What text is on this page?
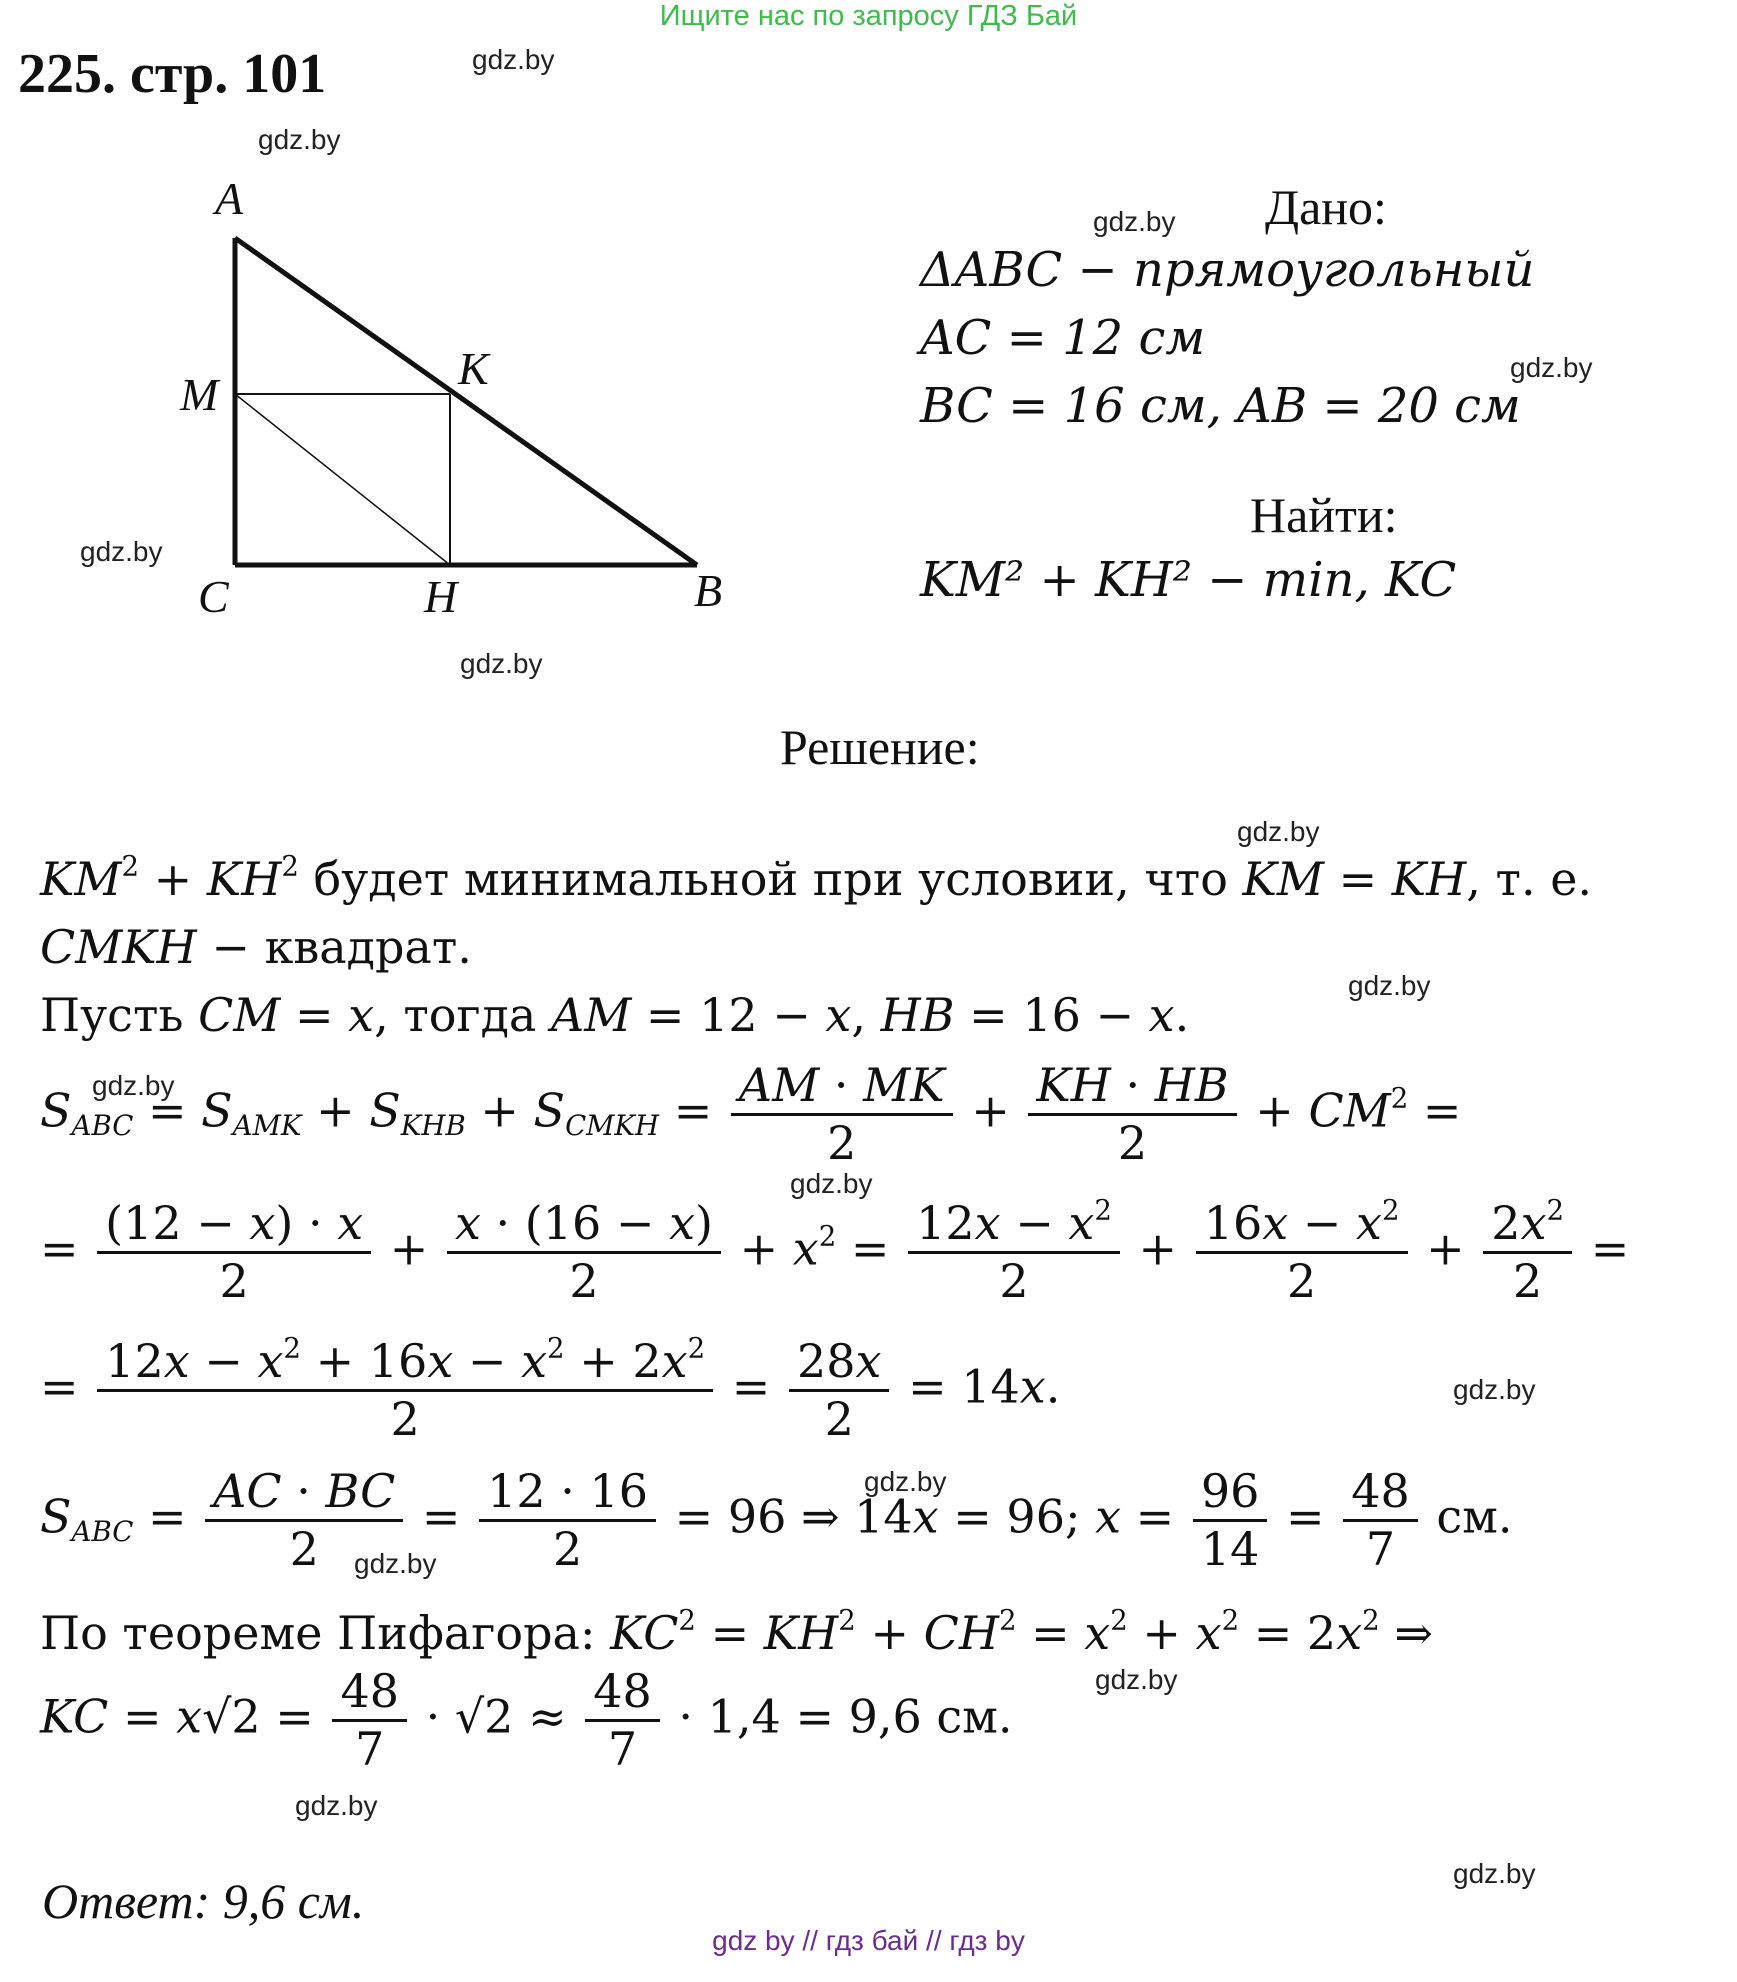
Ищите нас по запросу ГДЗ Бай
225. стр. 101	gdz.by
gdz.by
gdz.by
gdz.by
gdz.by
gdz.by
gdz.by
gdz.by
gdz.by
gdz.by
gdz.by
gdz.by
gdz.by
gdz.by
gdz.by
gdz.by
A
M
K
C	H	B
Дано:
ΔABC − прямоугольный
AC = 12 см
BC = 16 см, AB = 20 см
Найти:
KM² + KH² − min, KC
Решение:
$KM^2 + KH^2$ будет минимальной при условии, что KM = KH, т. е.
CMKH − квадрат.
Пусть CM = x, тогда AM = 12 − x, HB = 16 − x.
$S_{ABC} = S_{AMK} + S_{KHB} + S_{CMKH} = \frac{AM \cdot MK}{2} + \frac{KH \cdot HB}{2} + CM^2$ =
= $\frac{(12 - x) \cdot x}{2} + \frac{x \cdot (16 - x)}{2} + x^2 = \frac{12x - x^2}{2} + \frac{16x - x^2}{2} + \frac{2x^2}{2}$ =
= $\frac{12x - x^2 + 16x - x^2 + 2x^2}{2} = \frac{28x}{2} = 14x$.
$S_{ABC} = \frac{AC \cdot BC}{2} = \frac{12 \cdot 16}{2} = 96$ ⇒ 14x = 96; $x = \frac{96}{14} = \frac{48}{7}$ см.
По теореме Пифагора: $KC^2 = KH^2 + CH^2 = x^2 + x^2 = 2x^2$ ⇒
KC = $x√2 = \frac{48}{7} \cdot √2 \approx \frac{48}{7} \cdot 1,4 = 9,6$ см.
Ответ: 9,6 см.
gdz by // гдз бай // гдз by
